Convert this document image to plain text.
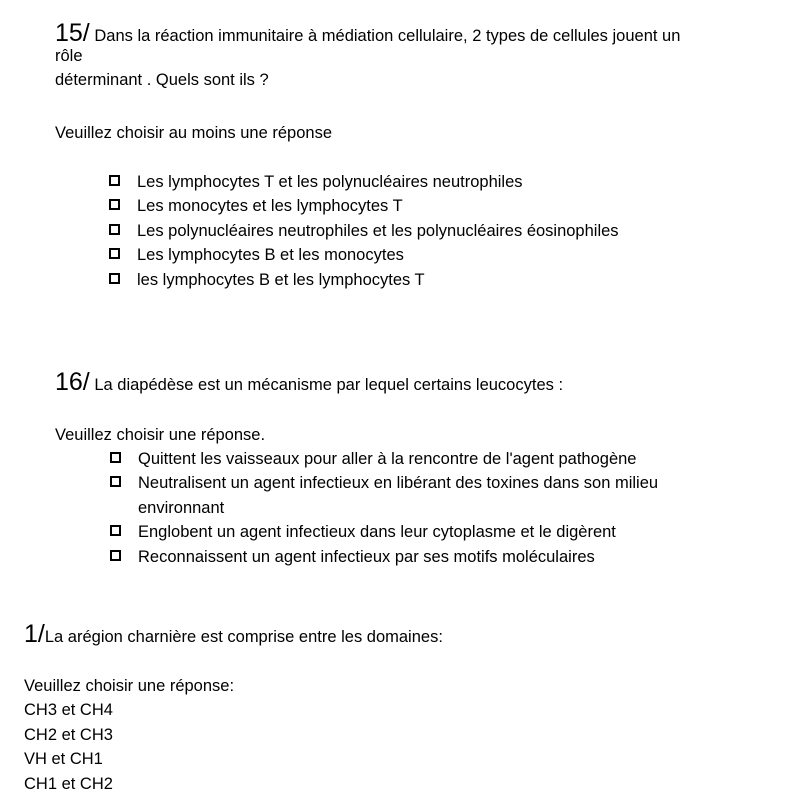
15/ Dans la réaction immunitaire à médiation cellulaire, 2 types de cellules jouent un
rôle
déterminant . Quels sont ils ?
Veuillez choisir au moins une réponse
Les lymphocytes T et les polynucléaires neutrophiles
Les monocytes et les lymphocytes T
Les polynucléaires neutrophiles et les polynucléaires éosinophiles
Les lymphocytes B et les monocytes
les lymphocytes B et les lymphocytes T
16/ La diapédèse est un mécanisme par lequel certains leucocytes :
Veuillez choisir une réponse.
Quittent les vaisseaux pour aller à la rencontre de l'agent pathogène
Neutralisent un agent infectieux en libérant des toxines dans son milieu
environnant
Englobent un agent infectieux dans leur cytoplasme et le digèrent
Reconnaissent un agent infectieux par ses motifs moléculaires
1/La arégion charnière est comprise entre les domaines:
Veuillez choisir une réponse:
CH3 et CH4
CH2 et CH3
VH et CH1
CH1 et CH2
